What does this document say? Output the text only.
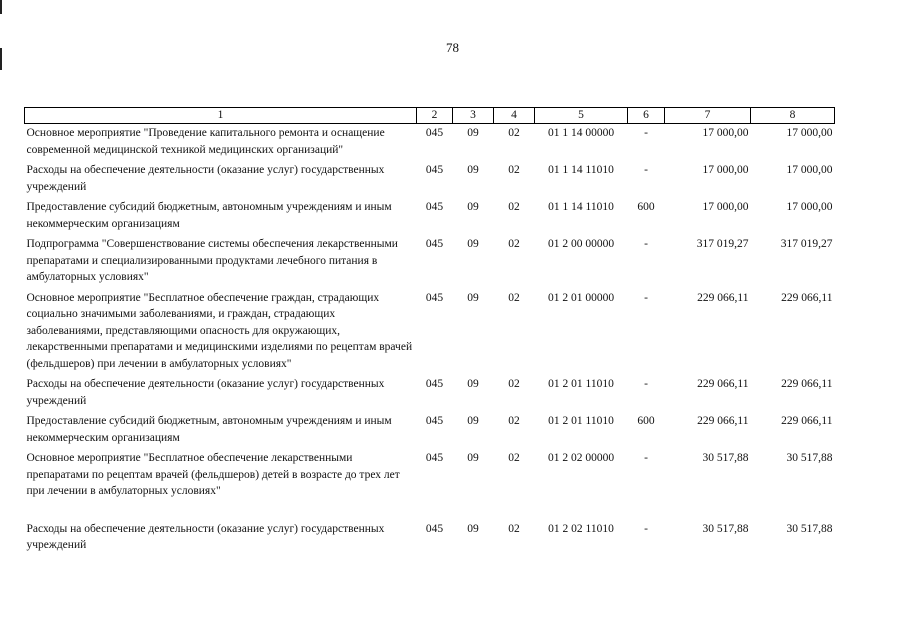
78
1	2	3	4	5	6	7	8
Основное мероприятие "Проведение капитального ремонта и оснащение современной медицинской техникой медицинских организаций"	045	09	02	01 1 14 00000	-	17 000,00	17 000,00
Расходы на обеспечение деятельности (оказание услуг) государственных учреждений	045	09	02	01 1 14 11010	-	17 000,00	17 000,00
Предоставление субсидий бюджетным, автономным учреждениям и иным некоммерческим организациям	045	09	02	01 1 14 11010	600	17 000,00	17 000,00
Подпрограмма "Совершенствование системы обеспечения лекарственными препаратами и специализированными продуктами лечебного питания в амбулаторных условиях"	045	09	02	01 2 00 00000	-	317 019,27	317 019,27
Основное мероприятие "Бесплатное обеспечение граждан, страдающих социально значимыми заболеваниями, и граждан, страдающих заболеваниями, представляющими опасность для окружающих, лекарственными препаратами и медицинскими изделиями по рецептам врачей (фельдшеров) при лечении в амбулаторных условиях"	045	09	02	01 2 01 00000	-	229 066,11	229 066,11
Расходы на обеспечение деятельности (оказание услуг) государственных учреждений	045	09	02	01 2 01 11010	-	229 066,11	229 066,11
Предоставление субсидий бюджетным, автономным учреждениям и иным некоммерческим организациям	045	09	02	01 2 01 11010	600	229 066,11	229 066,11
Основное мероприятие "Бесплатное обеспечение лекарственными препаратами по рецептам врачей (фельдшеров) детей в возрасте до трех лет при лечении в амбулаторных условиях"	045	09	02	01 2 02 00000	-	30 517,88	30 517,88
Расходы на обеспечение деятельности (оказание услуг) государственных учреждений	045	09	02	01 2 02 11010	-	30 517,88	30 517,88
